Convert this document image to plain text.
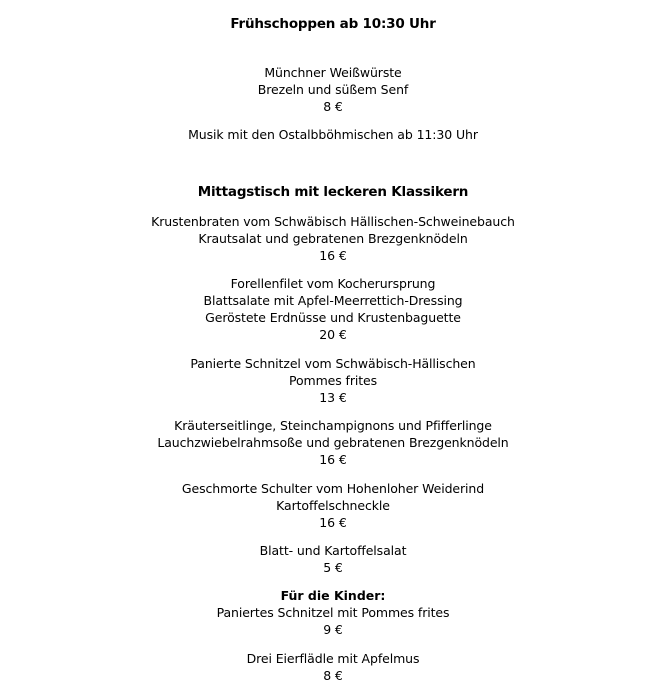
Frühschoppen ab 10:30 Uhr
Münchner Weißwürste
Brezeln und süßem Senf
8 €
Musik mit den Ostalbböhmischen ab 11:30 Uhr
Mittagstisch mit leckeren Klassikern
Krustenbraten vom Schwäbisch Hällischen-Schweinebauch
Krautsalat und gebratenen Brezgenknödeln
16 €
Forellenfilet vom Kocherursprung
Blattsalate mit Apfel-Meerrettich-Dressing
Geröstete Erdnüsse und Krustenbaguette
20 €
Panierte Schnitzel vom Schwäbisch-Hällischen
Pommes frites
13 €
Kräuterseitlinge, Steinchampignons und Pfifferlinge
Lauchzwiebelrahmsoße und gebratenen Brezgenknödeln
16 €
Geschmorte Schulter vom Hohenloher Weiderind
Kartoffelschneckle
16 €
Blatt- und Kartoffelsalat
5 €
Für die Kinder:
Paniertes Schnitzel mit Pommes frites
9 €
Drei Eierflädle mit Apfelmus
8 €
